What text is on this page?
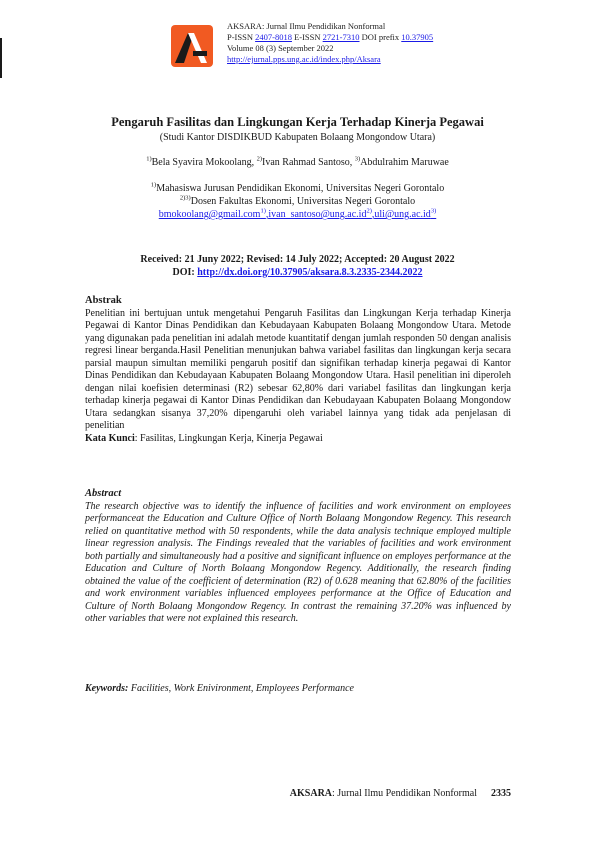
AKSARA: Jurnal Ilmu Pendidikan Nonformal
P-ISSN 2407-8018 E-ISSN 2721-7310 DOI prefix 10.37905
Volume 08 (3) September 2022
http://ejurnal.pps.ung.ac.id/index.php/Aksara
Pengaruh Fasilitas dan Lingkungan Kerja Terhadap Kinerja Pegawai
(Studi Kantor DISDIKBUD Kabupaten Bolaang Mongondow Utara)
$^{1)}$Bela Syavira Mokoolang, $^{2)}$Ivan Rahmad Santoso, $^{3)}$Abdulrahim Maruwae
$^{1)}$Mahasiswa Jurusan Pendidikan Ekonomi, Universitas Negeri Gorontalo
$^{2)3)}$Dosen Fakultas Ekonomi, Universitas Negeri Gorontalo
bmokoolang@gmail.com$^{1)}$,ivan_santoso@ung.ac.id$^{2)}$,uli@ung.ac.id$^{3)}$
Received: 21 Juny 2022; Revised: 14 July 2022; Accepted: 20 August 2022
DOI: http://dx.doi.org/10.37905/aksara.8.3.2335-2344.2022
Abstrak

Penelitian ini bertujuan untuk mengetahui Pengaruh Fasilitas dan Lingkungan Kerja terhadap Kinerja Pegawai di Kantor Dinas Pendidikan dan Kebudayaan Kabupaten Bolaang Mongondow Utara. Metode yang digunakan pada penelitian ini adalah metode kuantitatif dengan jumlah responden 50 dengan analisis regresi linear berganda.Hasil Penelitian menunjukan bahwa variabel fasilitas dan lingkungan kerja secara parsial maupun simultan memiliki pengaruh positif dan signifikan terhadap kinerja pegawai di Kantor Dinas Pendidikan dan Kebudayaan Kabupaten Bolaang Mongondow Utara. Hasil penelitian ini diperoleh dengan nilai koefisien determinasi (R2) sebesar 62,80% dari variabel fasilitas dan lingkungan kerja terhadap kinerja pegawai di Kantor Dinas Pendidikan dan Kebudayaan Kabupaten Bolaang Mongondow Utara sedangkan sisanya 37,20% dipengaruhi oleh variabel lainnya yang tidak ada penjelasan di penelitian

Kata Kunci: Fasilitas, Lingkungan Kerja, Kinerja Pegawai

Abstract

The research objective was to identify the influence of facilities and work environment on employees performanceat the Education and Culture Office of North Bolaang Mongondow Regency. This research relied on quantitative method with 50 respondents, while the data analysis technique employed multiple linear regression analysis. The Findings revealed that the variables of facilities and work environment both partially and simultaneously had a positive and significant influence on employes performance at the Education and Culture of North Bolaang Mongondow Regency. Additionally, the research finding obtained the value of the coefficient of determination (R2) of 0.628 meaning that 62.80% of the facilities and work environment variables influenced employees performance at the Office of Education and Culture of North Bolaang Mongondow Regency. In contrast the remaining 37.20% was influenced by other variables that were not explained this research.

Keywords: Facilities, Work Enivironment, Employees Performance
AKSARA: Jurnal Ilmu Pendidikan Nonformal 2335
